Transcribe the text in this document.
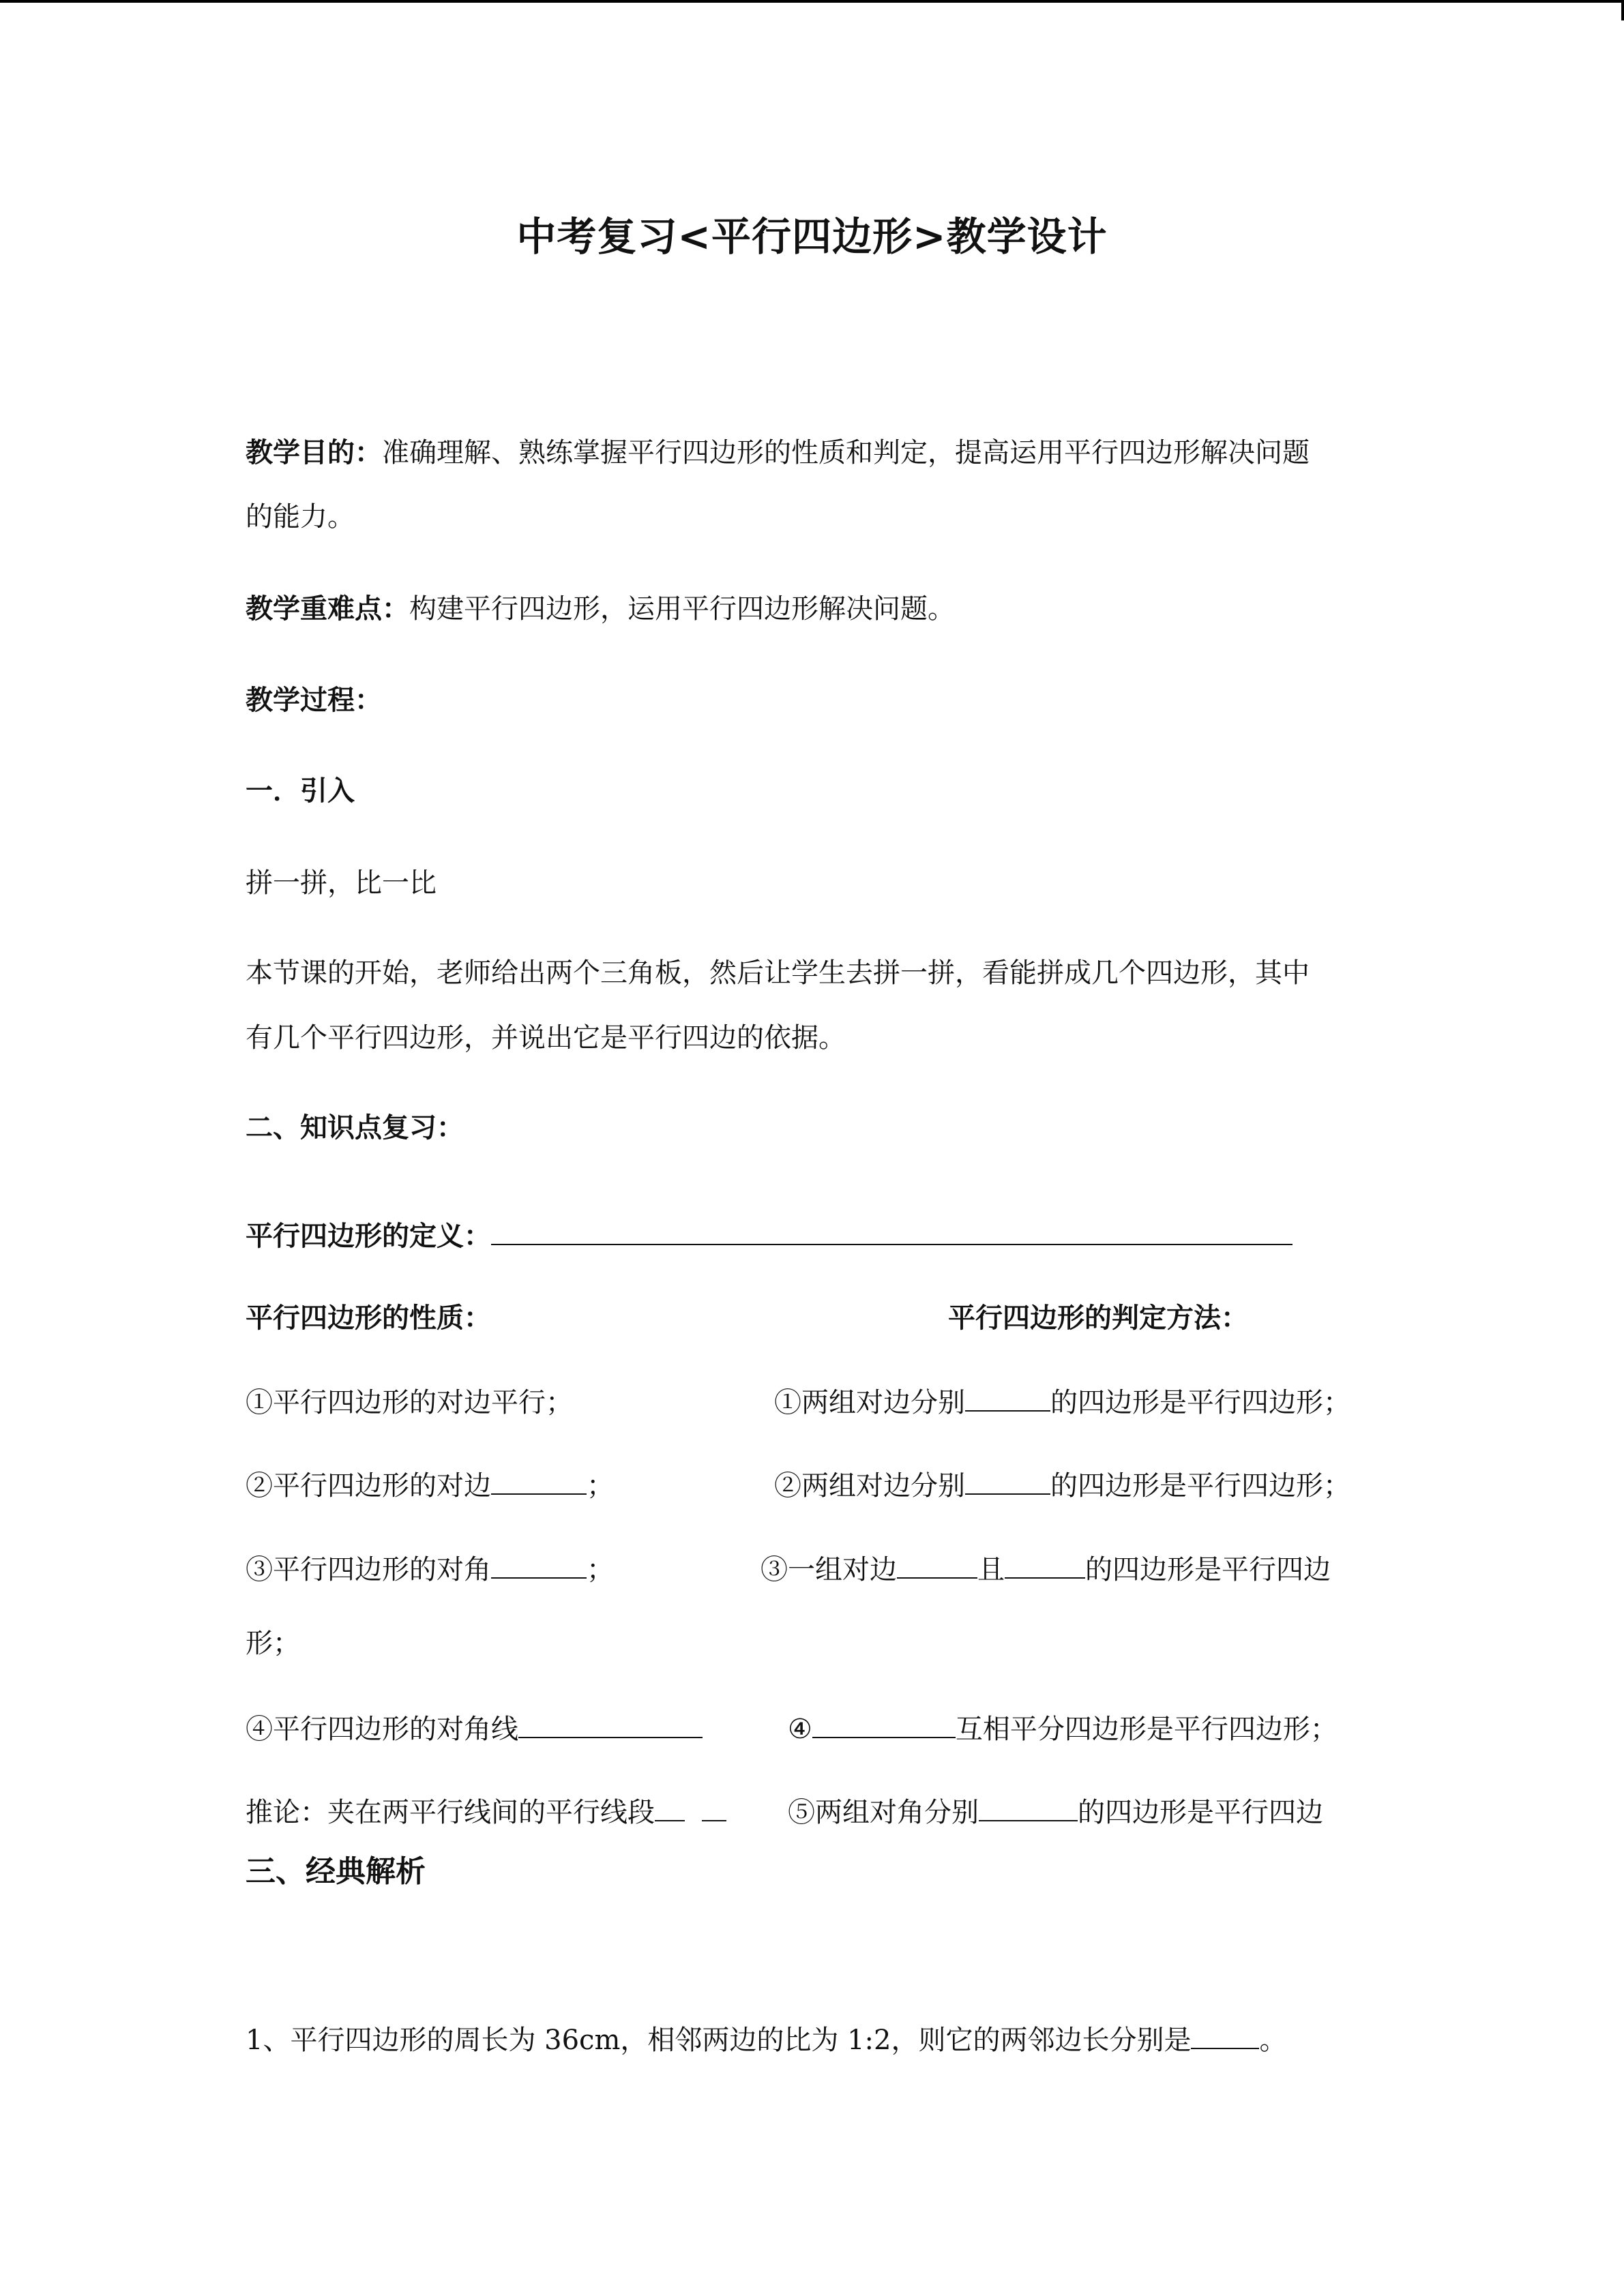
中考复习<平行四边形>教学设计
教学目的：准确理解、熟练掌握平行四边形的性质和判定，提高运用平行四边形解决问题
的能力。
教学重难点：构建平行四边形，运用平行四边形解决问题。
教学过程：
一．引入
拼一拼，比一比
本节课的开始，老师给出两个三角板，然后让学生去拼一拼，看能拼成几个四边形，其中
有几个平行四边形，并说出它是平行四边的依据。
二、知识点复习：
平行四边形的定义：
平行四边形的性质：	平行四边形的判定方法：
①平行四边形的对边平行；	①两组对边分别	的四边形是平行四边形；
②平行四边形的对边	；	②两组对边分别	的四边形是平行四边形；
③平行四边形的对角	；	③一组对边	且	的四边形是平行四边
形；
④平行四边形的对角线	④	互相平分四边形是平行四边形；
推论：夹在两平行线间的平行线段	⑤两组对角分别	的四边形是平行四边
三、经典解析
1、平行四边形的周长为 36cm，相邻两边的比为 1:2，则它的两邻边长分别是	。
